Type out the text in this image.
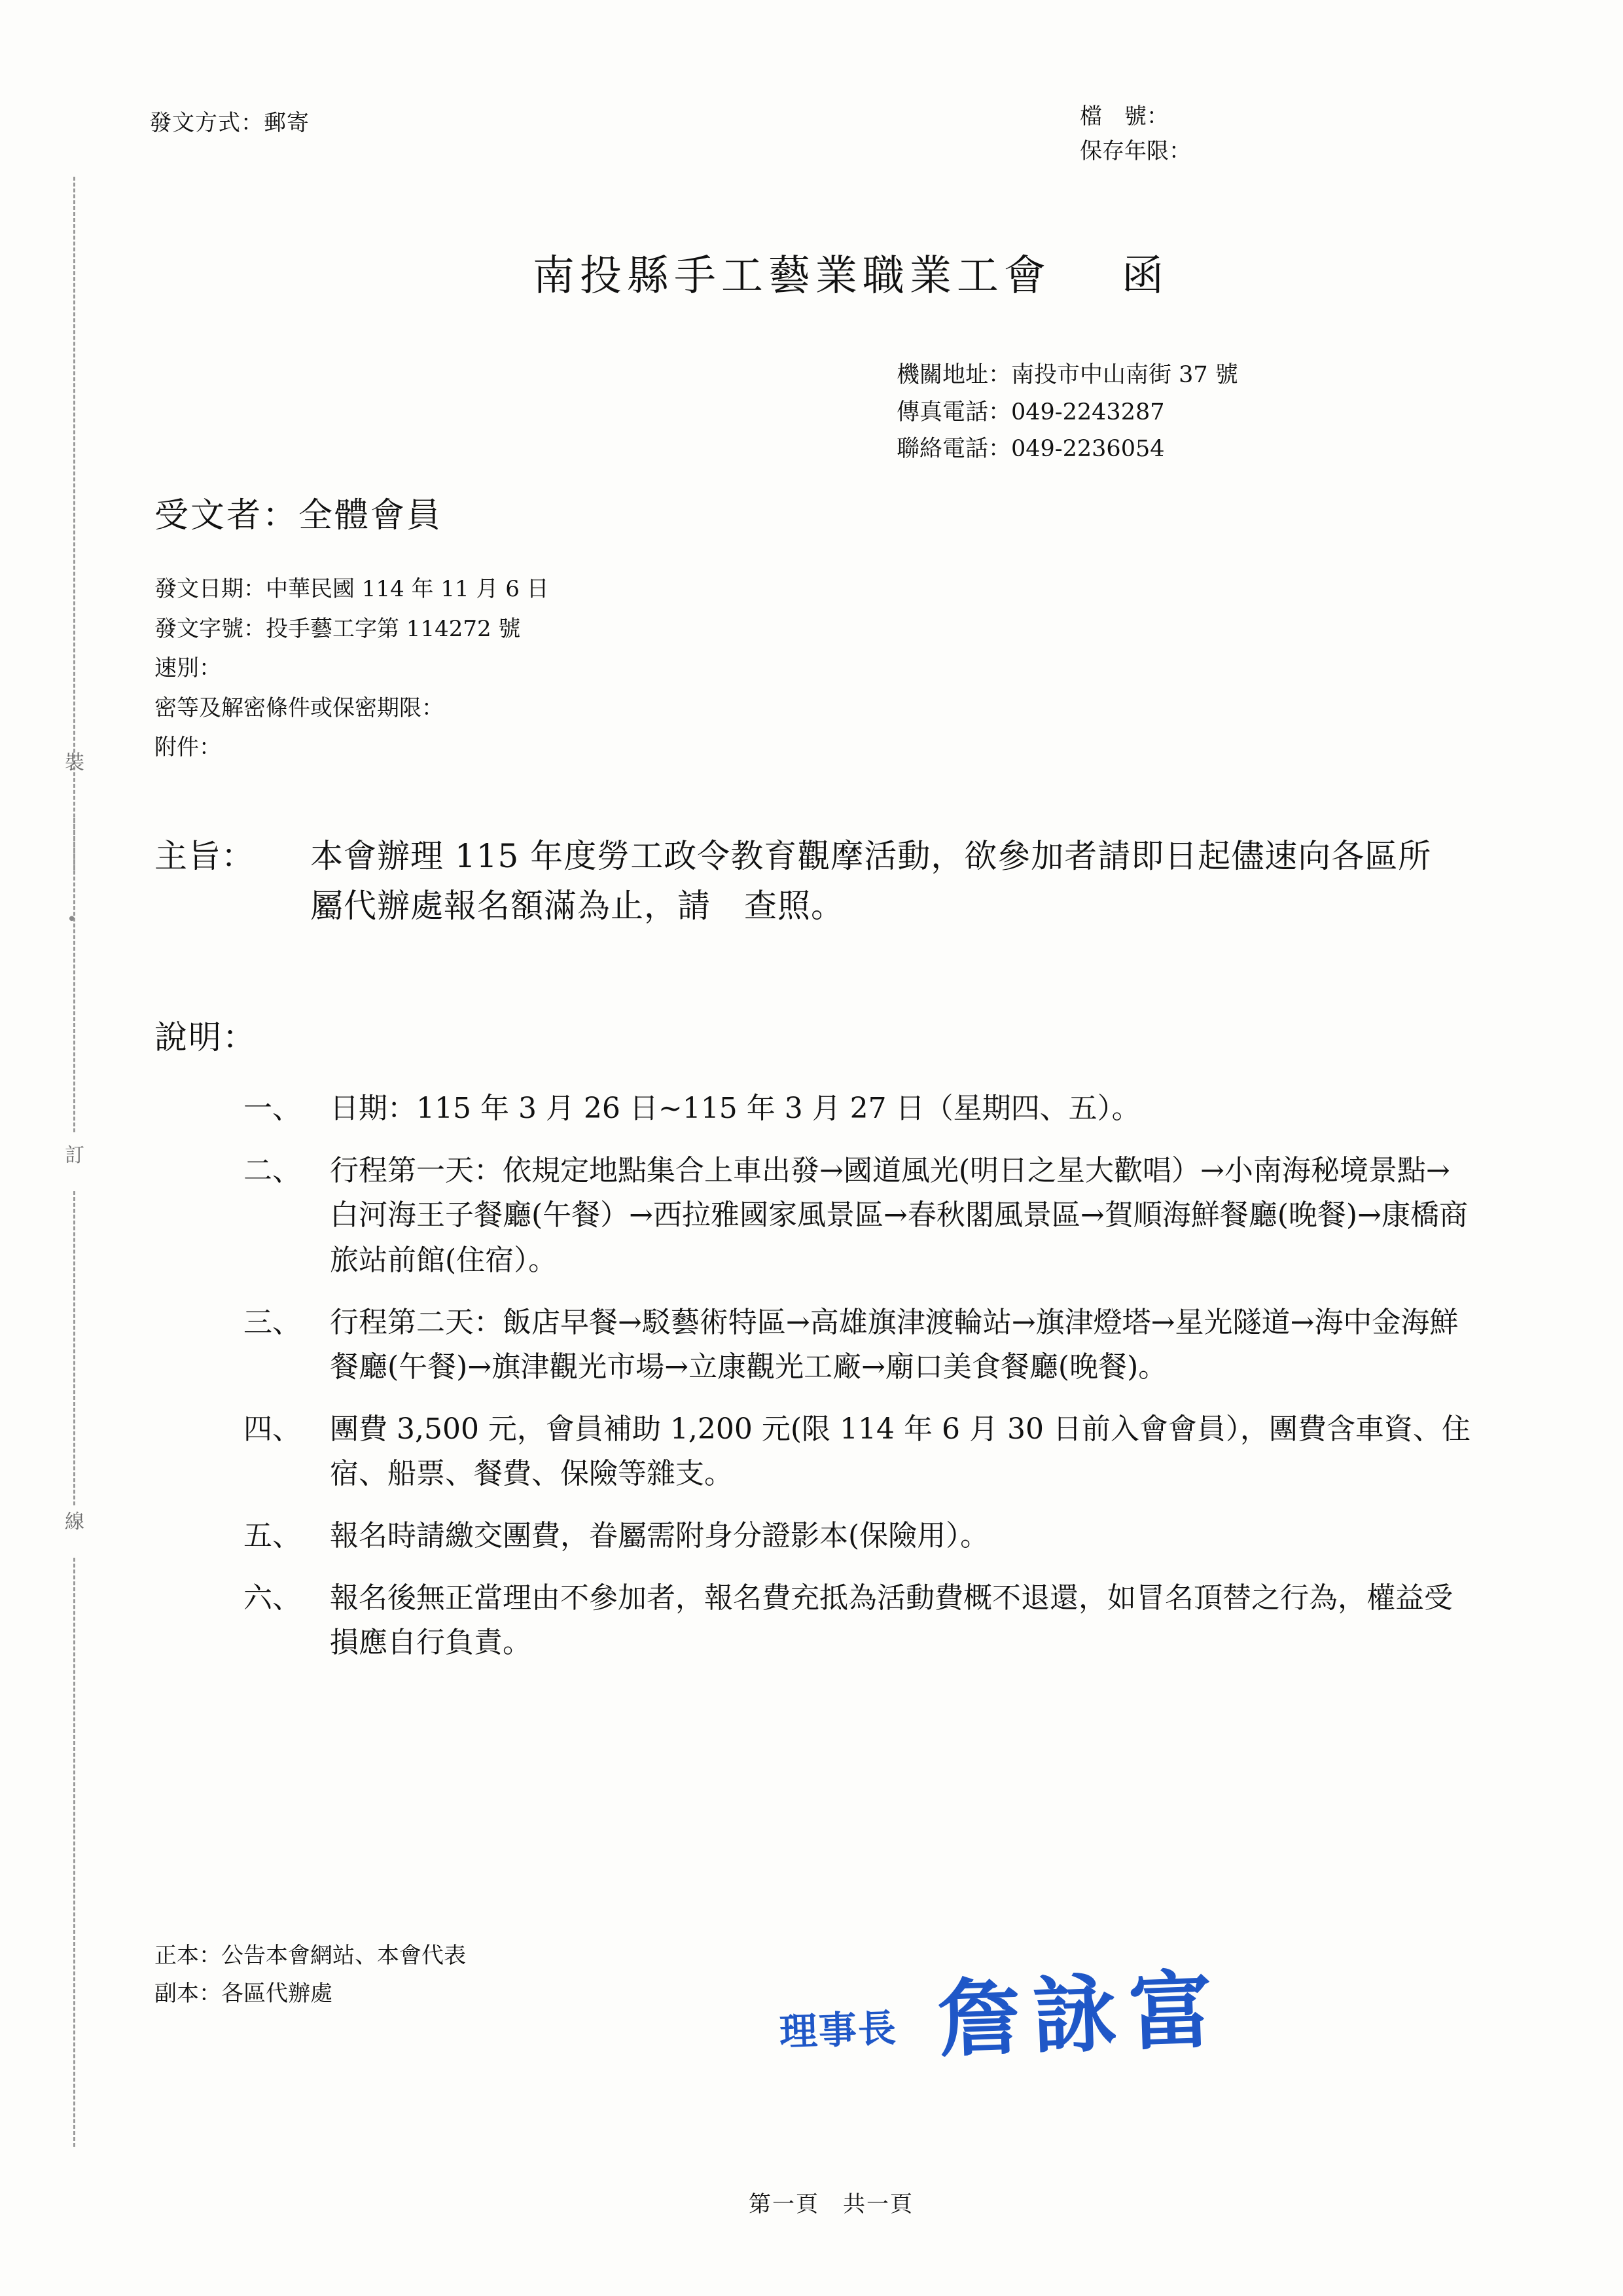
裝
訂
線
•
發文方式：郵寄	檔　號：
保存年限：
南投縣手工藝業職業工會 函
機關地址：南投市中山南街 37 號
傳真電話：049-2243287
聯絡電話：049-2236054
受文者：全體會員
發文日期：中華民國 114 年 11 月 6 日
發文字號：投手藝工字第 114272 號
速別：
密等及解密條件或保密期限：
附件：
主旨：	本會辦理 115 年度勞工政令教育觀摩活動，欲參加者請即日起儘速向各區所屬代辦處報名額滿為止，請　查照。

說明：
一、	日期：115 年 3 月 26 日~115 年 3 月 27 日（星期四、五）。
二、	行程第一天：依規定地點集合上車出發→國道風光(明日之星大歡唱）→小南海秘境景點→白河海王子餐廳(午餐）→西拉雅國家風景區→春秋閣風景區→賀順海鮮餐廳(晚餐)→康橋商旅站前館(住宿）。
三、	行程第二天：飯店早餐→駁藝術特區→高雄旗津渡輪站→旗津燈塔→星光隧道→海中金海鮮餐廳(午餐)→旗津觀光市場→立康觀光工廠→廟口美食餐廳(晚餐)。
四、	團費 3,500 元，會員補助 1,200 元(限 114 年 6 月 30 日前入會會員），團費含車資、住宿、船票、餐費、保險等雜支。
五、	報名時請繳交團費，眷屬需附身分證影本(保險用）。
六、	報名後無正當理由不參加者，報名費充抵為活動費概不退還，如冒名頂替之行為，權益受損應自行負責。
正本：公告本會網站、本會代表
副本：各區代辦處
理事長 詹詠富
第一頁　共一頁
